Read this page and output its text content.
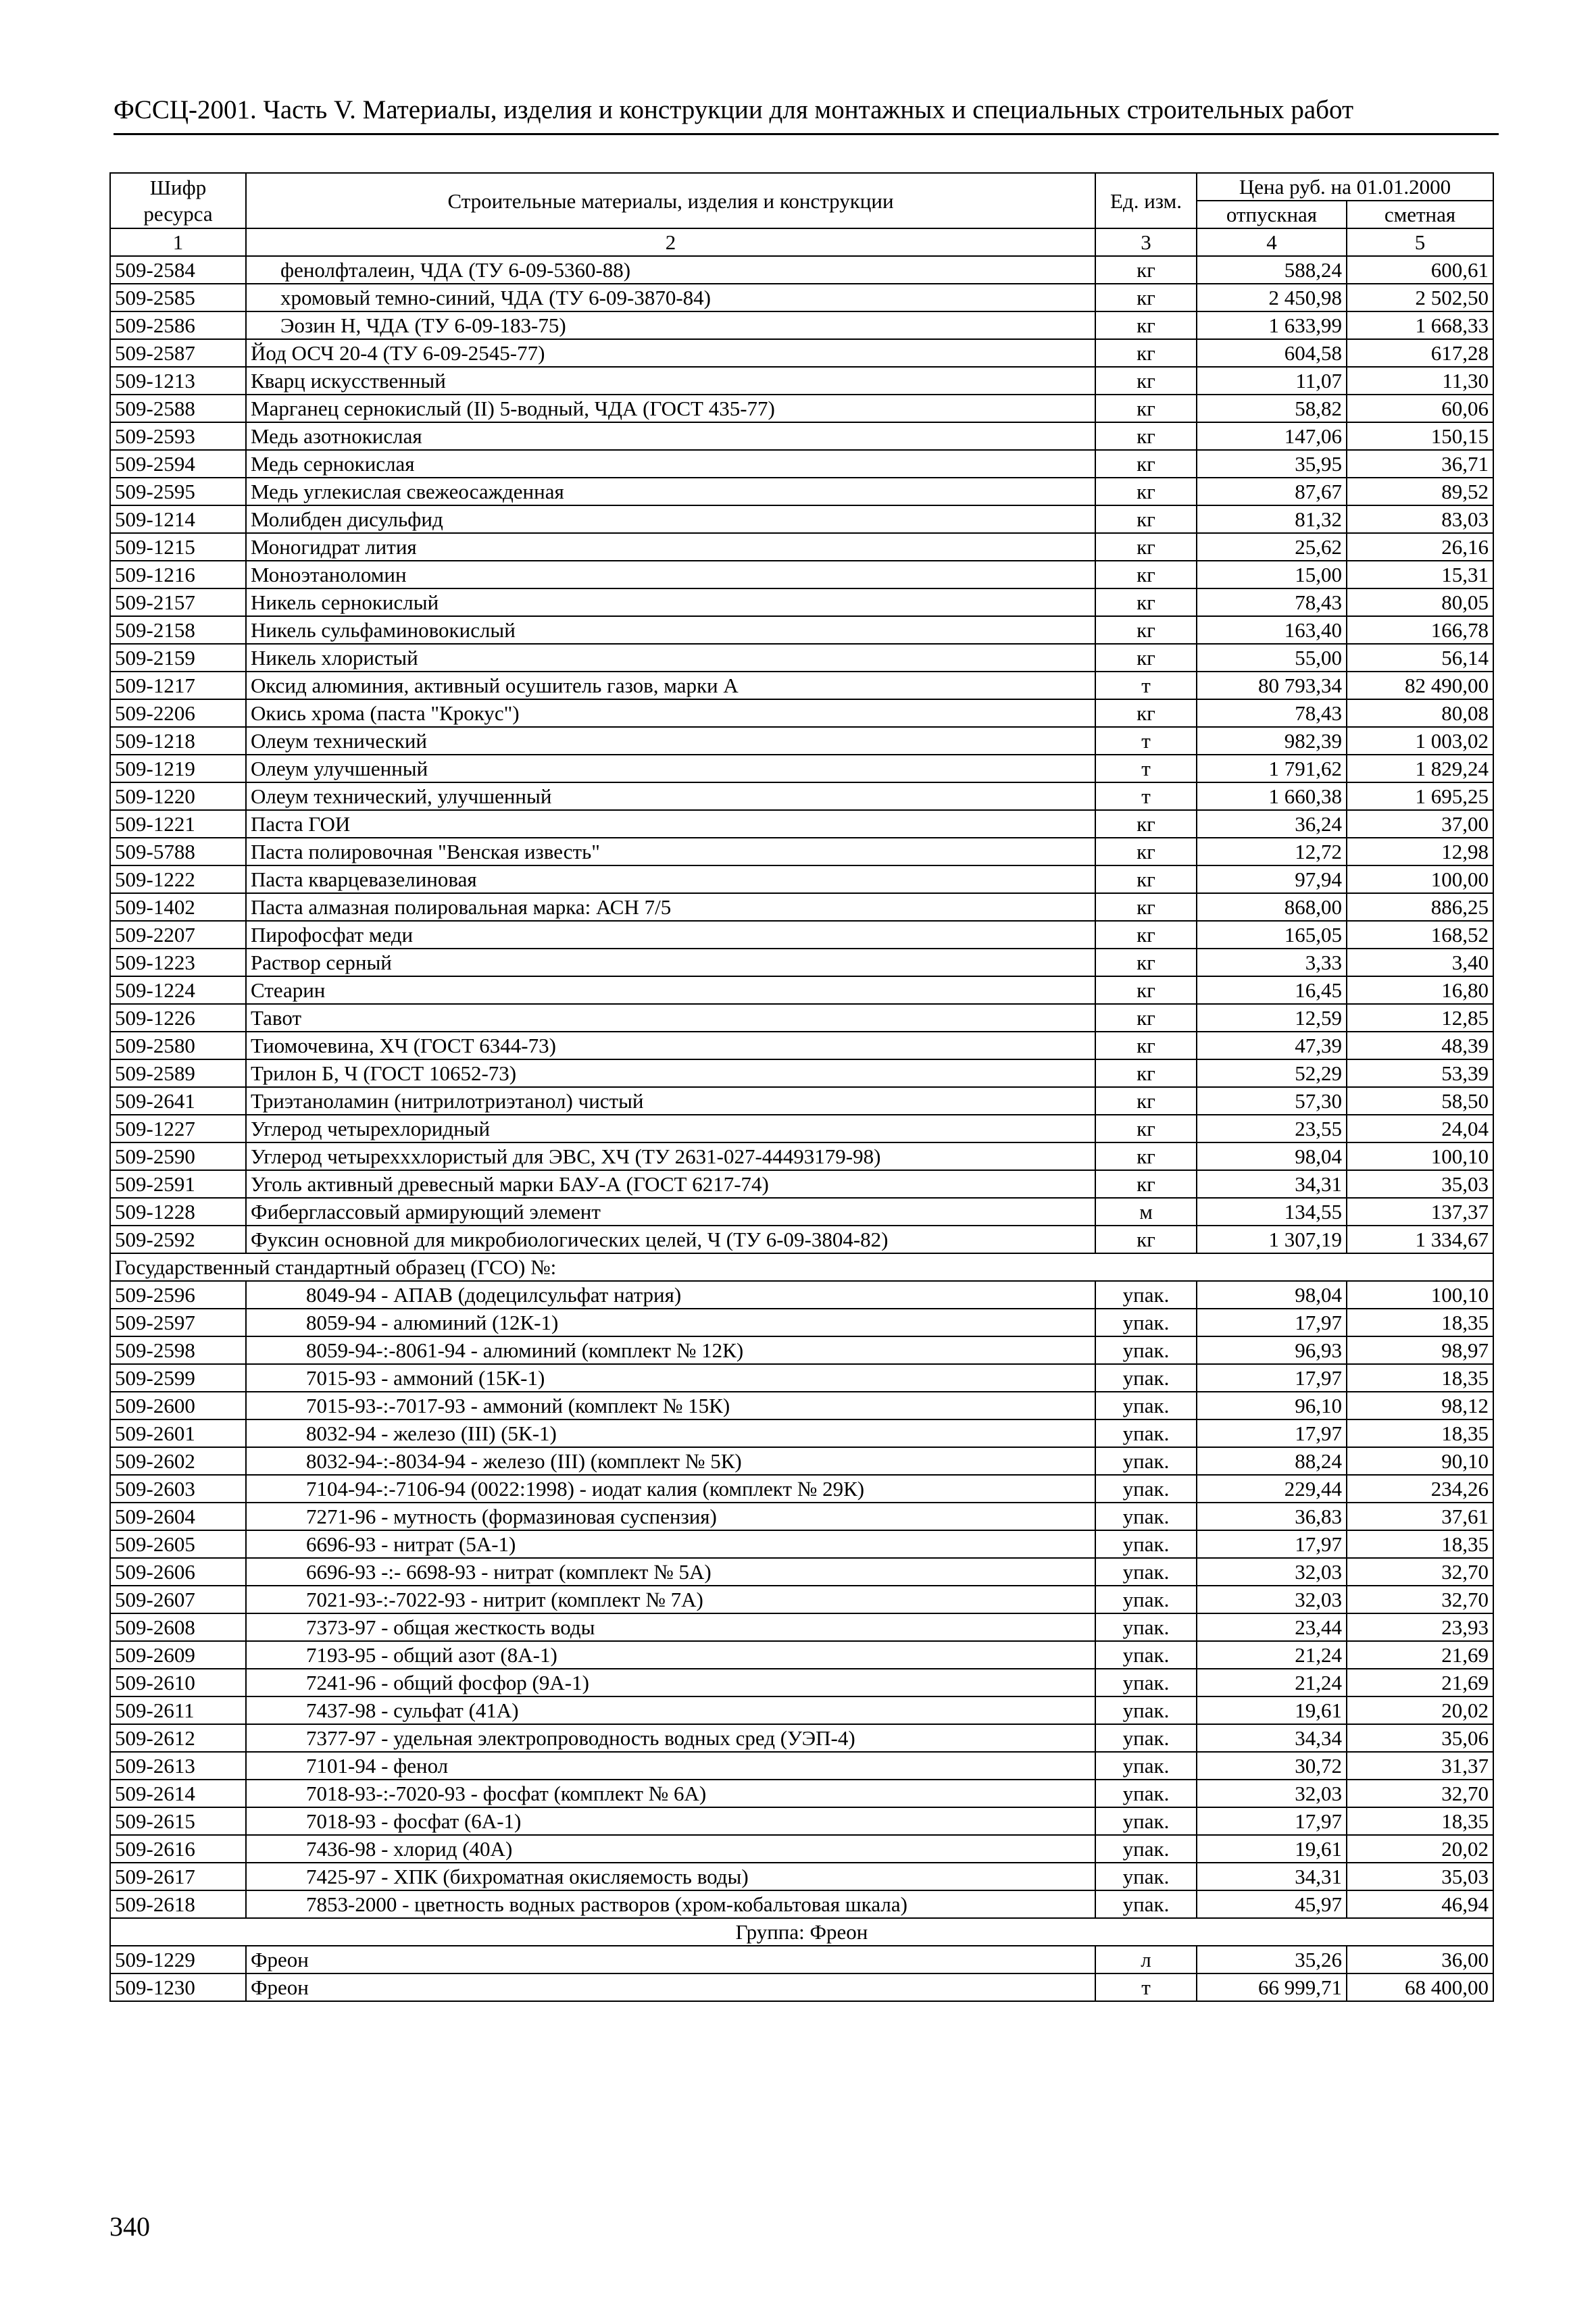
ФССЦ-2001. Часть V. Материалы, изделия и конструкции для монтажных и специальных строительных работ
Шифр ресурса	Строительные материалы, изделия и конструкции	Ед. изм.	Цена руб. на 01.01.2000	
			отпускная	сметная
1	2	3	4	5
509-2584	фенолфталеин, ЧДА (ТУ 6-09-5360-88)	кг	588,24	600,61
509-2585	хромовый темно-синий, ЧДА (ТУ 6-09-3870-84)	кг	2 450,98	2 502,50
509-2586	Эозин Н, ЧДА (ТУ 6-09-183-75)	кг	1 633,99	1 668,33
509-2587	Йод ОСЧ 20-4 (ТУ 6-09-2545-77)	кг	604,58	617,28
509-1213	Кварц искусственный	кг	11,07	11,30
509-2588	Марганец сернокислый (II) 5-водный, ЧДА (ГОСТ 435-77)	кг	58,82	60,06
509-2593	Медь азотнокислая	кг	147,06	150,15
509-2594	Медь сернокислая	кг	35,95	36,71
509-2595	Медь углекислая свежеосажденная	кг	87,67	89,52
509-1214	Молибден дисульфид	кг	81,32	83,03
509-1215	Моногидрат лития	кг	25,62	26,16
509-1216	Моноэтаноломин	кг	15,00	15,31
509-2157	Никель сернокислый	кг	78,43	80,05
509-2158	Никель сульфаминовокислый	кг	163,40	166,78
509-2159	Никель хлористый	кг	55,00	56,14
509-1217	Оксид алюминия, активный осушитель газов, марки А	т	80 793,34	82 490,00
509-2206	Окись хрома (паста "Крокус")	кг	78,43	80,08
509-1218	Олеум технический	т	982,39	1 003,02
509-1219	Олеум улучшенный	т	1 791,62	1 829,24
509-1220	Олеум технический, улучшенный	т	1 660,38	1 695,25
509-1221	Паста ГОИ	кг	36,24	37,00
509-5788	Паста полировочная "Венская известь"	кг	12,72	12,98
509-1222	Паста кварцевазелиновая	кг	97,94	100,00
509-1402	Паста алмазная полировальная марка: АСН 7/5	кг	868,00	886,25
509-2207	Пирофосфат меди	кг	165,05	168,52
509-1223	Раствор серный	кг	3,33	3,40
509-1224	Стеарин	кг	16,45	16,80
509-1226	Тавот	кг	12,59	12,85
509-2580	Тиомочевина, ХЧ (ГОСТ 6344-73)	кг	47,39	48,39
509-2589	Трилон Б, Ч (ГОСТ 10652-73)	кг	52,29	53,39
509-2641	Триэтаноламин (нитрилотриэтанол) чистый	кг	57,30	58,50
509-1227	Углерод четырехлоридный	кг	23,55	24,04
509-2590	Углерод четырехххлористый для ЭВС, ХЧ (ТУ 2631-027-44493179-98)	кг	98,04	100,10
509-2591	Уголь активный древесный марки БАУ-А (ГОСТ 6217-74)	кг	34,31	35,03
509-1228	Фиберглассовый армирующий элемент	м	134,55	137,37
509-2592	Фуксин основной для микробиологических целей, Ч (ТУ 6-09-3804-82)	кг	1 307,19	1 334,67
Государственный стандартный образец (ГСО) №:				
509-2596	8049-94 - АПАВ (додецилсульфат натрия)	упак.	98,04	100,10
509-2597	8059-94 - алюминий (12К-1)	упак.	17,97	18,35
509-2598	8059-94-:-8061-94 - алюминий (комплект № 12К)	упак.	96,93	98,97
509-2599	7015-93 - аммоний (15К-1)	упак.	17,97	18,35
509-2600	7015-93-:-7017-93 - аммоний (комплект № 15К)	упак.	96,10	98,12
509-2601	8032-94 - железо (III) (5К-1)	упак.	17,97	18,35
509-2602	8032-94-:-8034-94 - железо (III) (комплект № 5К)	упак.	88,24	90,10
509-2603	7104-94-:-7106-94 (0022:1998) - иодат калия (комплект № 29К)	упак.	229,44	234,26
509-2604	7271-96 - мутность (формазиновая суспензия)	упак.	36,83	37,61
509-2605	6696-93 - нитрат (5А-1)	упак.	17,97	18,35
509-2606	6696-93 -:- 6698-93 - нитрат (комплект № 5А)	упак.	32,03	32,70
509-2607	7021-93-:-7022-93 - нитрит (комплект № 7А)	упак.	32,03	32,70
509-2608	7373-97 - общая жесткость воды	упак.	23,44	23,93
509-2609	7193-95 - общий азот (8А-1)	упак.	21,24	21,69
509-2610	7241-96 - общий фосфор (9А-1)	упак.	21,24	21,69
509-2611	7437-98 - сульфат (41А)	упак.	19,61	20,02
509-2612	7377-97 - удельная электропроводность водных сред (УЭП-4)	упак.	34,34	35,06
509-2613	7101-94 - фенол	упак.	30,72	31,37
509-2614	7018-93-:-7020-93 - фосфат (комплект № 6А)	упак.	32,03	32,70
509-2615	7018-93 - фосфат (6А-1)	упак.	17,97	18,35
509-2616	7436-98 - хлорид (40А)	упак.	19,61	20,02
509-2617	7425-97 - ХПК (бихроматная окисляемость воды)	упак.	34,31	35,03
509-2618	7853-2000 - цветность водных растворов (хром-кобальтовая шкала)	упак.	45,97	46,94
Группа: Фреон				
509-1229	Фреон	л	35,26	36,00
509-1230	Фреон	т	66 999,71	68 400,00
340
